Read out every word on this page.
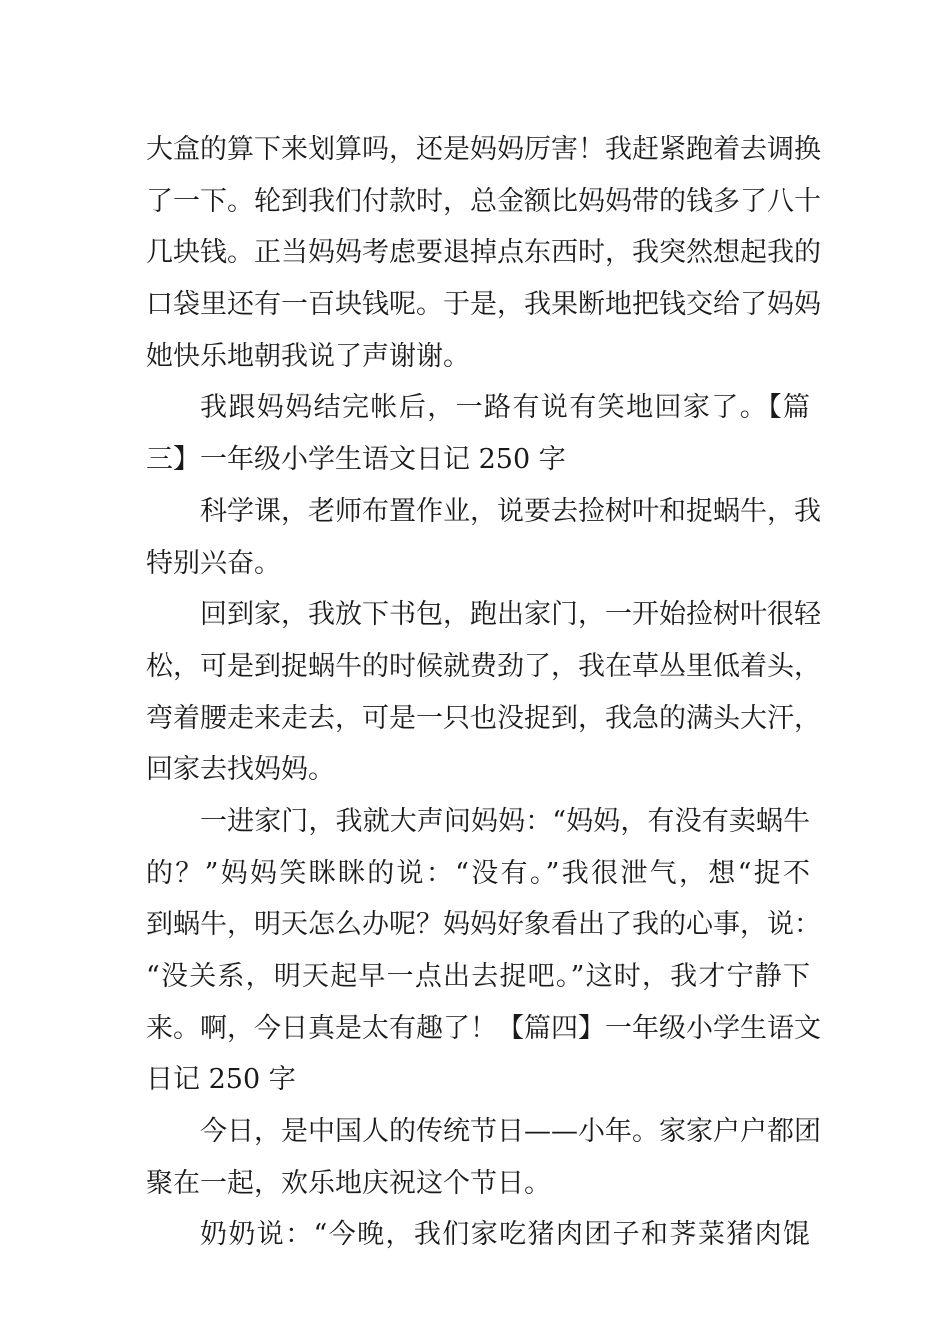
大盒的算下来划算吗，还是妈妈厉害！我赶紧跑着去调换
了一下。轮到我们付款时，总金额比妈妈带的钱多了八十
几块钱。正当妈妈考虑要退掉点东西时，我突然想起我的
口袋里还有一百块钱呢。于是，我果断地把钱交给了妈妈
她快乐地朝我说了声谢谢。
我跟妈妈结完帐后，一路有说有笑地回家了。【篇
三】一年级小学生语文日记 250 字
科学课，老师布置作业，说要去捡树叶和捉蜗牛，我
特别兴奋。
回到家，我放下书包，跑出家门，一开始捡树叶很轻
松，可是到捉蜗牛的时候就费劲了，我在草丛里低着头，
弯着腰走来走去，可是一只也没捉到，我急的满头大汗，
回家去找妈妈。
一进家门，我就大声问妈妈：“妈妈，有没有卖蜗牛
的？”妈妈笑眯眯的说：“没有。”我很泄气，想“捉不
到蜗牛，明天怎么办呢？妈妈好象看出了我的心事，说：
“没关系，明天起早一点出去捉吧。”这时，我才宁静下
来。啊，今日真是太有趣了！【篇四】一年级小学生语文
日记 250 字
今日，是中国人的传统节日——小年。家家户户都团
聚在一起，欢乐地庆祝这个节日。
奶奶说：“今晚，我们家吃猪肉团子和荠菜猪肉馄
